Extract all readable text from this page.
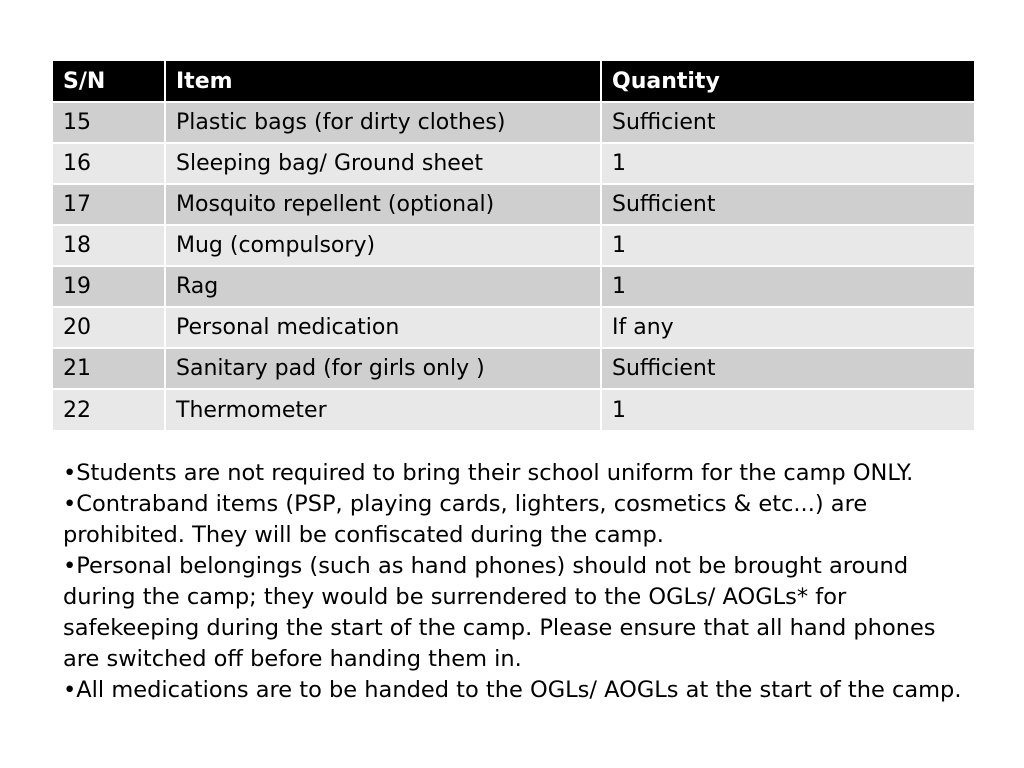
S/N	Item	Quantity
15	Plastic bags (for dirty clothes)	Sufficient
16	Sleeping bag/ Ground sheet	1
17	Mosquito repellent (optional)	Sufficient
18	Mug (compulsory)	1
19	Rag	1
20	Personal medication	If any
21	Sanitary pad (for girls only )	Sufficient
22	Thermometer	1

•Students are not required to bring their school uniform for the camp ONLY.

•Contraband items (PSP, playing cards, lighters, cosmetics & etc...) are prohibited. They will be confiscated during the camp.

•Personal belongings (such as hand phones) should not be brought around during the camp; they would be surrendered to the OGLs/ AOGLs* for safekeeping during the start of the camp. Please ensure that all hand phones are switched off before handing them in.

•All medications are to be handed to the OGLs/ AOGLs at the start of the camp.
